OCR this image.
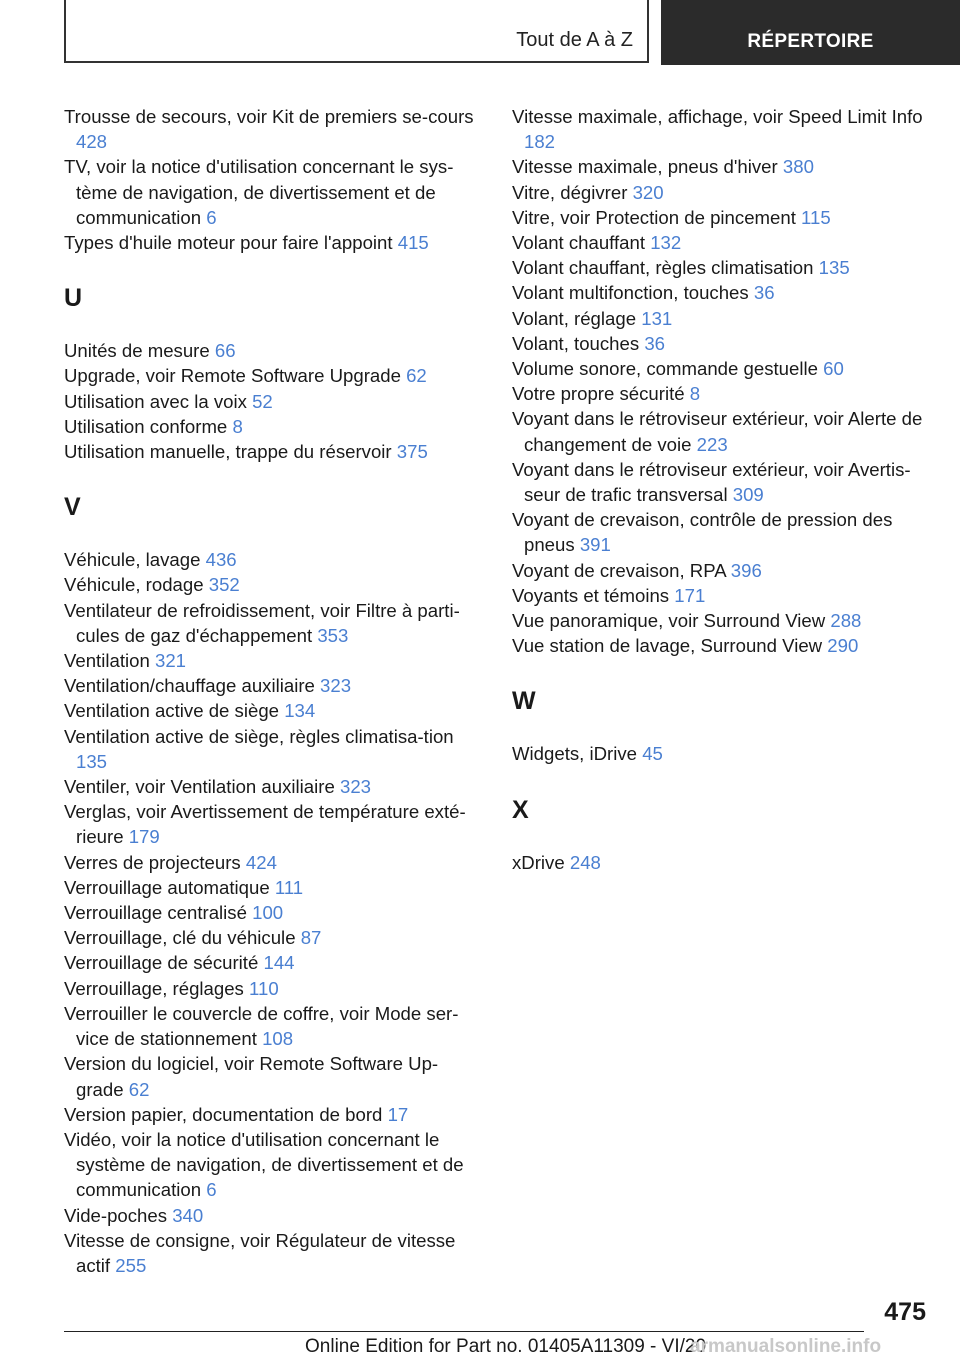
Tout de A à Z	RÉPERTOIRE
Trousse de secours, voir Kit de premiers se-cours 428
TV, voir la notice d'utilisation concernant le sys-tème de navigation, de divertissement et de communication 6
Types d'huile moteur pour faire l'appoint 415
U
Unités de mesure 66
Upgrade, voir Remote Software Upgrade 62
Utilisation avec la voix 52
Utilisation conforme 8
Utilisation manuelle, trappe du réservoir 375
V
Véhicule, lavage 436
Véhicule, rodage 352
Ventilateur de refroidissement, voir Filtre à parti-cules de gaz d'échappement 353
Ventilation 321
Ventilation/chauffage auxiliaire 323
Ventilation active de siège 134
Ventilation active de siège, règles climatisa-tion 135
Ventiler, voir Ventilation auxiliaire 323
Verglas, voir Avertissement de température exté-rieure 179
Verres de projecteurs 424
Verrouillage automatique 111
Verrouillage centralisé 100
Verrouillage, clé du véhicule 87
Verrouillage de sécurité 144
Verrouillage, réglages 110
Verrouiller le couvercle de coffre, voir Mode ser-vice de stationnement 108
Version du logiciel, voir Remote Software Up-grade 62
Version papier, documentation de bord 17
Vidéo, voir la notice d'utilisation concernant le système de navigation, de divertissement et de communication 6
Vide-poches 340
Vitesse de consigne, voir Régulateur de vitesse actif 255
Vitesse maximale, affichage, voir Speed Limit Info 182
Vitesse maximale, pneus d'hiver 380
Vitre, dégivrer 320
Vitre, voir Protection de pincement 115
Volant chauffant 132
Volant chauffant, règles climatisation 135
Volant multifonction, touches 36
Volant, réglage 131
Volant, touches 36
Volume sonore, commande gestuelle 60
Votre propre sécurité 8
Voyant dans le rétroviseur extérieur, voir Alerte de changement de voie 223
Voyant dans le rétroviseur extérieur, voir Avertis-seur de trafic transversal 309
Voyant de crevaison, contrôle de pression des pneus 391
Voyant de crevaison, RPA 396
Voyants et témoins 171
Vue panoramique, voir Surround View 288
Vue station de lavage, Surround View 290
W
Widgets, iDrive 45
X
xDrive 248
475
Online Edition for Part no. 01405A11309 - VI/20
armanualsonline.info
